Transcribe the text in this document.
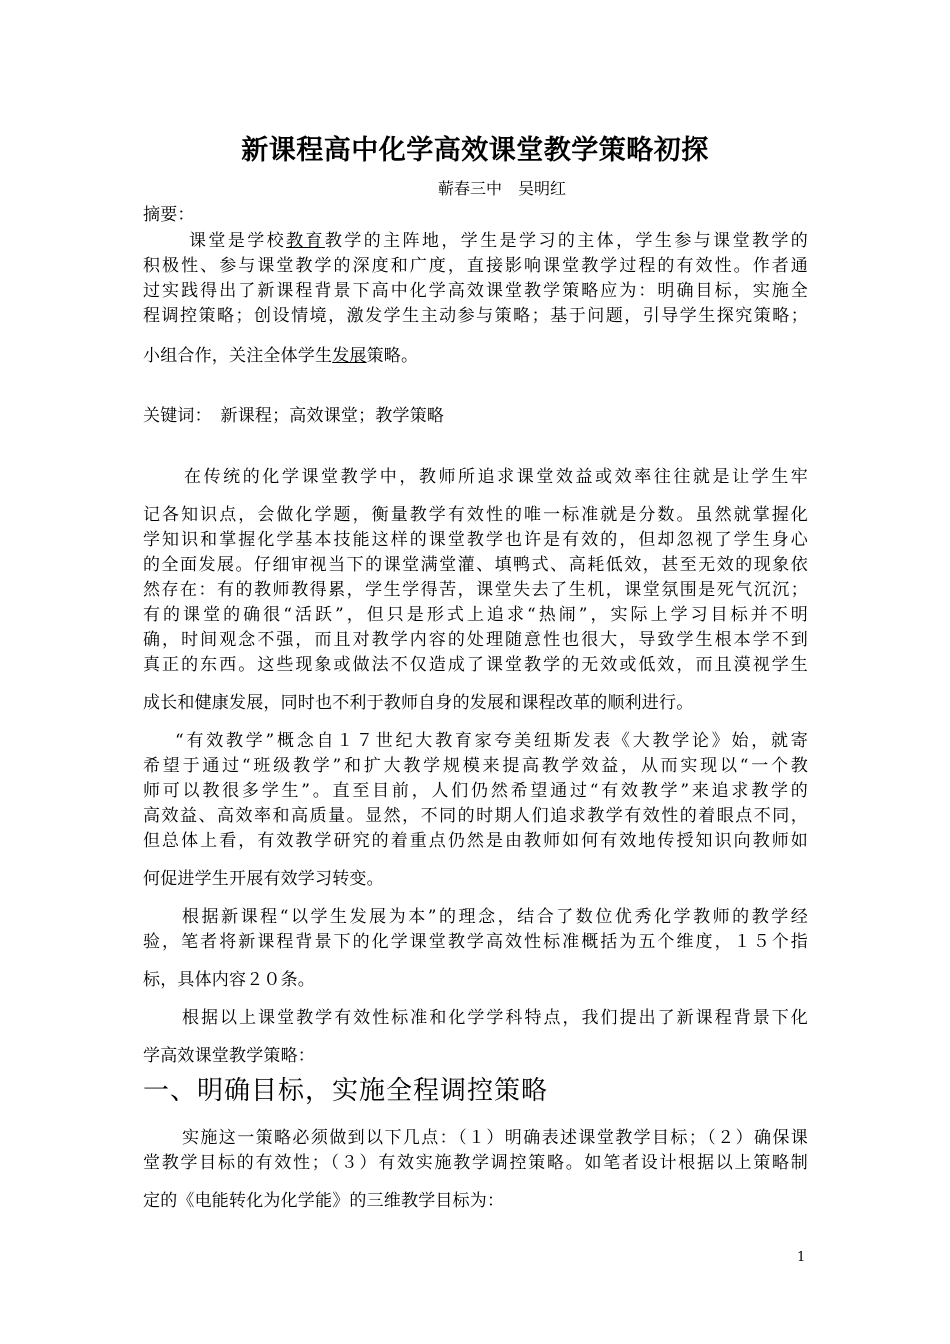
新课程高中化学高效课堂教学策略初探
蕲春三中　吴明红
摘要：
课堂是学校教育教学的主阵地，学生是学习的主体，学生参与课堂教学的
积极性、参与课堂教学的深度和广度，直接影响课堂教学过程的有效性。作者通
过实践得出了新课程背景下高中化学高效课堂教学策略应为：明确目标，实施全
程调控策略；创设情境，激发学生主动参与策略；基于问题，引导学生探究策略；
小组合作，关注全体学生发展策略。
关键词：　新课程；高效课堂；教学策略
在传统的化学课堂教学中，教师所追求课堂效益或效率往往就是让学生牢
记各知识点，会做化学题，衡量教学有效性的唯一标准就是分数。虽然就掌握化
学知识和掌握化学基本技能这样的课堂教学也许是有效的，但却忽视了学生身心
的全面发展。仔细审视当下的课堂满堂灌、填鸭式、高耗低效，甚至无效的现象依
然存在：有的教师教得累，学生学得苦，课堂失去了生机，课堂氛围是死气沉沉；
有的课堂的确很“活跃”，但只是形式上追求“热闹”，实际上学习目标并不明
确，时间观念不强，而且对教学内容的处理随意性也很大，导致学生根本学不到
真正的东西。这些现象或做法不仅造成了课堂教学的无效或低效，而且漠视学生
成长和健康发展，同时也不利于教师自身的发展和课程改革的顺利进行。
“有效教学”概念自１７世纪大教育家夸美纽斯发表《大教学论》始，就寄
希望于通过“班级教学”和扩大教学规模来提高教学效益，从而实现以“一个教
师可以教很多学生”。直至目前，人们仍然希望通过“有效教学”来追求教学的
高效益、高效率和高质量。显然，不同的时期人们追求教学有效性的着眼点不同，
但总体上看，有效教学研究的着重点仍然是由教师如何有效地传授知识向教师如
何促进学生开展有效学习转变。
根据新课程“以学生发展为本”的理念，结合了数位优秀化学教师的教学经
验，笔者将新课程背景下的化学课堂教学高效性标准概括为五个维度，１５个指
标，具体内容２０条。
根据以上课堂教学有效性标准和化学学科特点，我们提出了新课程背景下化
学高效课堂教学策略：
一、明确目标，实施全程调控策略
实施这一策略必须做到以下几点：（１）明确表述课堂教学目标；（２）确保课
堂教学目标的有效性；（３）有效实施教学调控策略。如笔者设计根据以上策略制
定的《电能转化为化学能》的三维教学目标为：
1
